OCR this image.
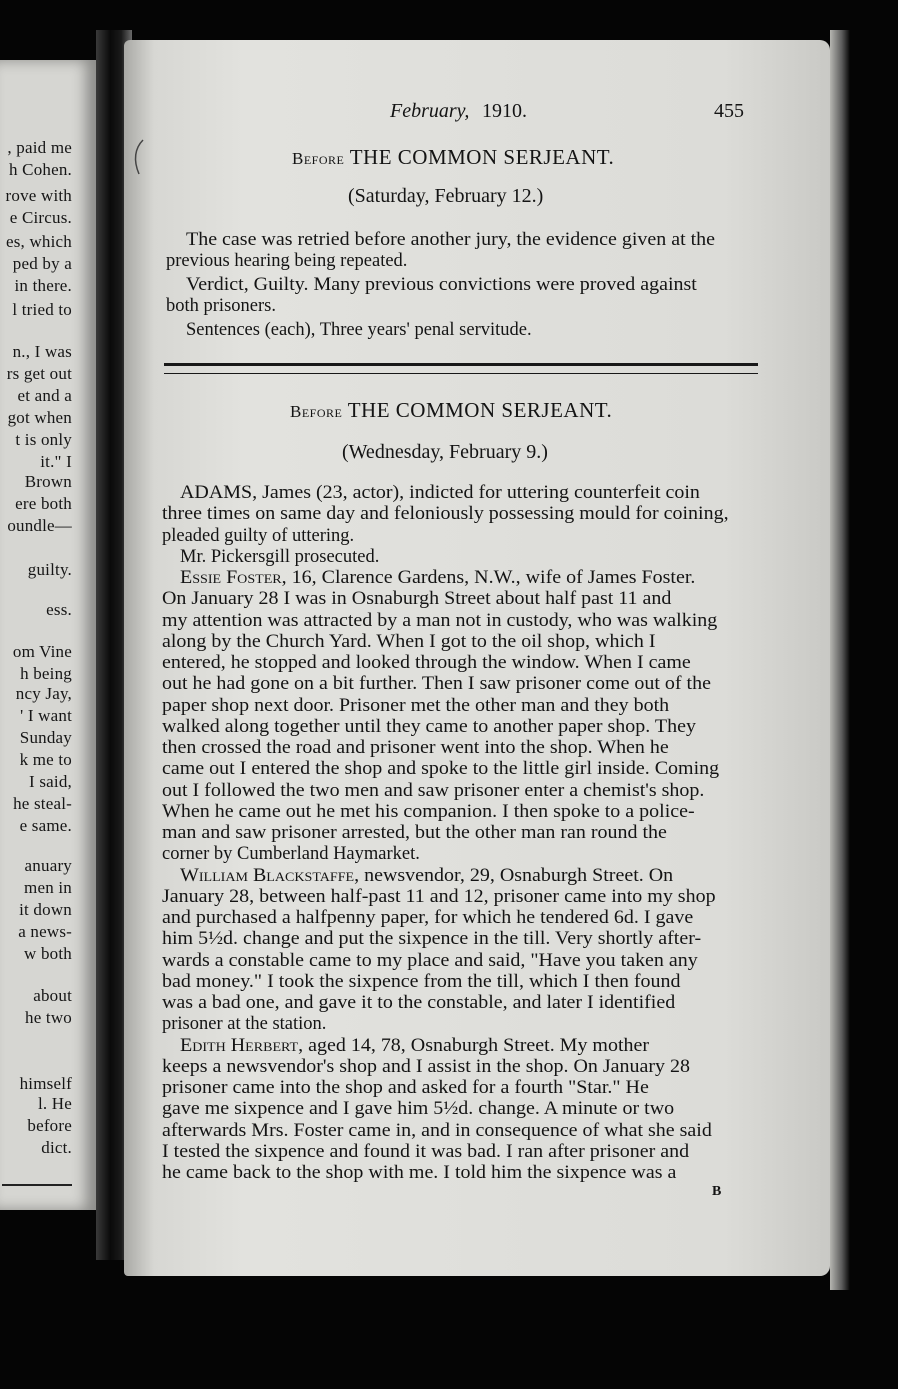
, paid me
h Cohen.
rove with
e Circus.
es, which
ped by a
in there.
l tried to
n., I was
rs get out
et and a
got when
t is only
it." I
Brown
ere both
oundle—
guilty.
ess.
om Vine
h being
ncy Jay,
' I want
Sunday
k me to
I said,
he steal-
e same.
anuary
men in
it down
a news-
w both
about
he two
himself
l. He
before
dict.
February, 1910.	455
Before THE COMMON SERJEANT.
(Saturday, February 12.)
The case was retried before another jury, the evidence given at the
previous hearing being repeated.
Verdict, Guilty. Many previous convictions were proved against
both prisoners.
Sentences (each), Three years' penal servitude.
Before THE COMMON SERJEANT.
(Wednesday, February 9.)
ADAMS, James (23, actor), indicted for uttering counterfeit coin
three times on same day and feloniously possessing mould for coining,
pleaded guilty of uttering.
Mr. Pickersgill prosecuted.
Essie Foster, 16, Clarence Gardens, N.W., wife of James Foster.
On January 28 I was in Osnaburgh Street about half past 11 and
my attention was attracted by a man not in custody, who was walking
along by the Church Yard. When I got to the oil shop, which I
entered, he stopped and looked through the window. When I came
out he had gone on a bit further. Then I saw prisoner come out of the
paper shop next door. Prisoner met the other man and they both
walked along together until they came to another paper shop. They
then crossed the road and prisoner went into the shop. When he
came out I entered the shop and spoke to the little girl inside. Coming
out I followed the two men and saw prisoner enter a chemist's shop.
When he came out he met his companion. I then spoke to a police-
man and saw prisoner arrested, but the other man ran round the
corner by Cumberland Haymarket.
William Blackstaffe, newsvendor, 29, Osnaburgh Street. On
January 28, between half-past 11 and 12, prisoner came into my shop
and purchased a halfpenny paper, for which he tendered 6d. I gave
him 5½d. change and put the sixpence in the till. Very shortly after-
wards a constable came to my place and said, "Have you taken any
bad money." I took the sixpence from the till, which I then found
was a bad one, and gave it to the constable, and later I identified
prisoner at the station.
Edith Herbert, aged 14, 78, Osnaburgh Street. My mother
keeps a newsvendor's shop and I assist in the shop. On January 28
prisoner came into the shop and asked for a fourth "Star." He
gave me sixpence and I gave him 5½d. change. A minute or two
afterwards Mrs. Foster came in, and in consequence of what she said
I tested the sixpence and found it was bad. I ran after prisoner and
he came back to the shop with me. I told him the sixpence was a
B
